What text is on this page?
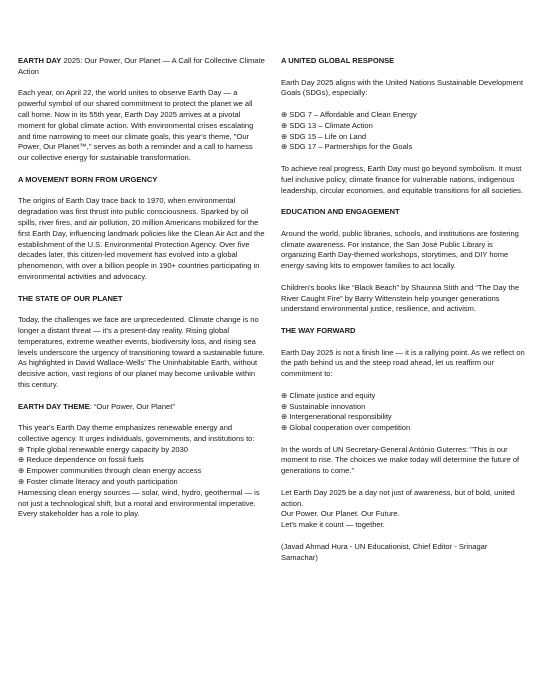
EARTH DAY 2025: Our Power, Our Planet — A Call for Collective Climate Action

Each year, on April 22, the world unites to observe Earth Day — a powerful symbol of our shared commitment to protect the planet we all call home. Now in its 55th year, Earth Day 2025 arrives at a pivotal moment for global climate action. With environmental crises escalating and time narrowing to meet our climate goals, this year's theme, "Our Power, Our Planet™," serves as both a reminder and a call to harness our collective energy for sustainable transformation.

A MOVEMENT BORN FROM URGENCY

The origins of Earth Day trace back to 1970, when environmental degradation was first thrust into public consciousness. Sparked by oil spills, river fires, and air pollution, 20 million Americans mobilized for the first Earth Day, influencing landmark policies like the Clean Air Act and the establishment of the U.S. Environmental Protection Agency. Over five decades later, this citizen-led movement has evolved into a global phenomenon, with over a billion people in 190+ countries participating in environmental activities and advocacy.

THE STATE OF OUR PLANET

Today, the challenges we face are unprecedented. Climate change is no longer a distant threat — it's a present-day reality. Rising global temperatures, extreme weather events, biodiversity loss, and rising sea levels underscore the urgency of transitioning toward a sustainable future. As highlighted in David Wallace-Wells' The Uninhabitable Earth, without decisive action, vast regions of our planet may become unlivable within this century.

EARTH DAY THEME: “Our Power, Our Planet”

This year's Earth Day theme emphasizes renewable energy and collective agency. It urges individuals, governments, and institutions to:
⊕ Triple global renewable energy capacity by 2030
⊕ Reduce dependence on fossil fuels
⊕ Empower communities through clean energy access
⊕ Foster climate literacy and youth participation

Harnessing clean energy sources — solar, wind, hydro, geothermal — is not just a technological shift, but a moral and environmental imperative. Every stakeholder has a role to play.

A UNITED GLOBAL RESPONSE

Earth Day 2025 aligns with the United Nations Sustainable Development Goals (SDGs), especially:

⊕ SDG 7 – Affordable and Clean Energy
⊕ SDG 13 – Climate Action
⊕ SDG 15 – Life on Land
⊕ SDG 17 – Partnerships for the Goals

To achieve real progress, Earth Day must go beyond symbolism. It must fuel inclusive policy, climate finance for vulnerable nations, indigenous leadership, circular economies, and equitable transitions for all societies.

EDUCATION AND ENGAGEMENT

Around the world, public libraries, schools, and institutions are fostering climate awareness. For instance, the San José Public Library is organizing Earth Day-themed workshops, storytimes, and DIY home energy saving kits to empower families to act locally.

Children's books like “Black Beach” by Shaunna Stith and “The Day the River Caught Fire” by Barry Wittenstein help younger generations understand environmental justice, resilience, and activism.

THE WAY FORWARD

Earth Day 2025 is not a finish line — it is a rallying point. As we reflect on the path behind us and the steep road ahead, let us reaffirm our commitment to:

⊕ Climate justice and equity
⊕ Sustainable innovation
⊕ Intergenerational responsibility
⊕ Global cooperation over competition

In the words of UN Secretary-General António Guterres: "This is our moment to rise. The choices we make today will determine the future of generations to come."

Let Earth Day 2025 be a day not just of awareness, but of bold, united action.
Our Power. Our Planet. Our Future.
Let's make it count — together.

(Javad Ahmad Hura - UN Educationist, Chief Editor - Srinagar Samachar)
